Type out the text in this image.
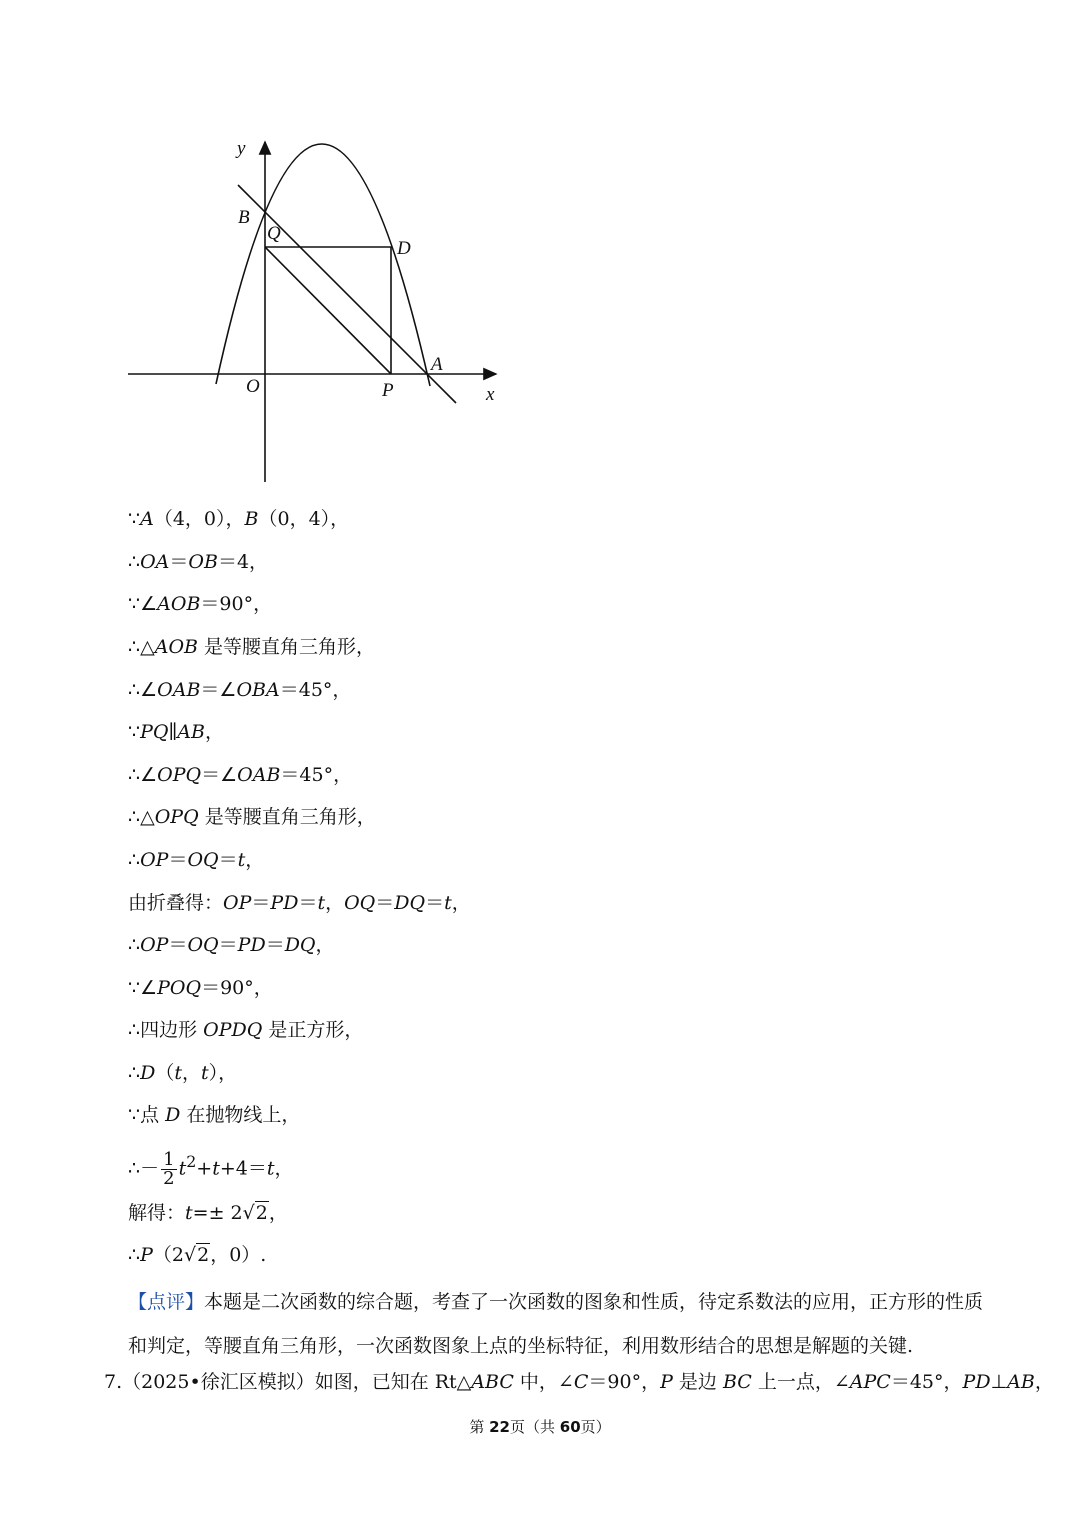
y
x
O
B
Q
D
A
P
∵A（4，0），B（0，4），
∴OA＝OB＝4，
∵∠AOB＝90°，
∴△AOB 是等腰直角三角形，
∴∠OAB＝∠OBA＝45°，
∵PQ∥AB，
∴∠OPQ＝∠OAB＝45°，
∴△OPQ 是等腰直角三角形，
∴OP＝OQ＝t，
由折叠得：OP＝PD＝t，OQ＝DQ＝t，
∴OP＝OQ＝PD＝DQ，
∵∠POQ＝90°，
∴四边形 OPDQ 是正方形，
∴D（t，t），
∵点 D 在抛物线上，
∴－ $\frac{1}{2} t^2+t+4=t$，
解得：t=± 2√2，
∴P（2√2，0）.
【点评】本题是二次函数的综合题，考查了一次函数的图象和性质，待定系数法的应用，正方形的性质和判定，等腰直角三角形，一次函数图象上点的坐标特征，利用数形结合的思想是解题的关键.
7.（2025•徐汇区模拟）如图，已知在 Rt△ABC 中，∠C＝90°，P 是边 BC 上一点，∠APC＝45°，PD⊥AB，
第 22页（共 60页）
